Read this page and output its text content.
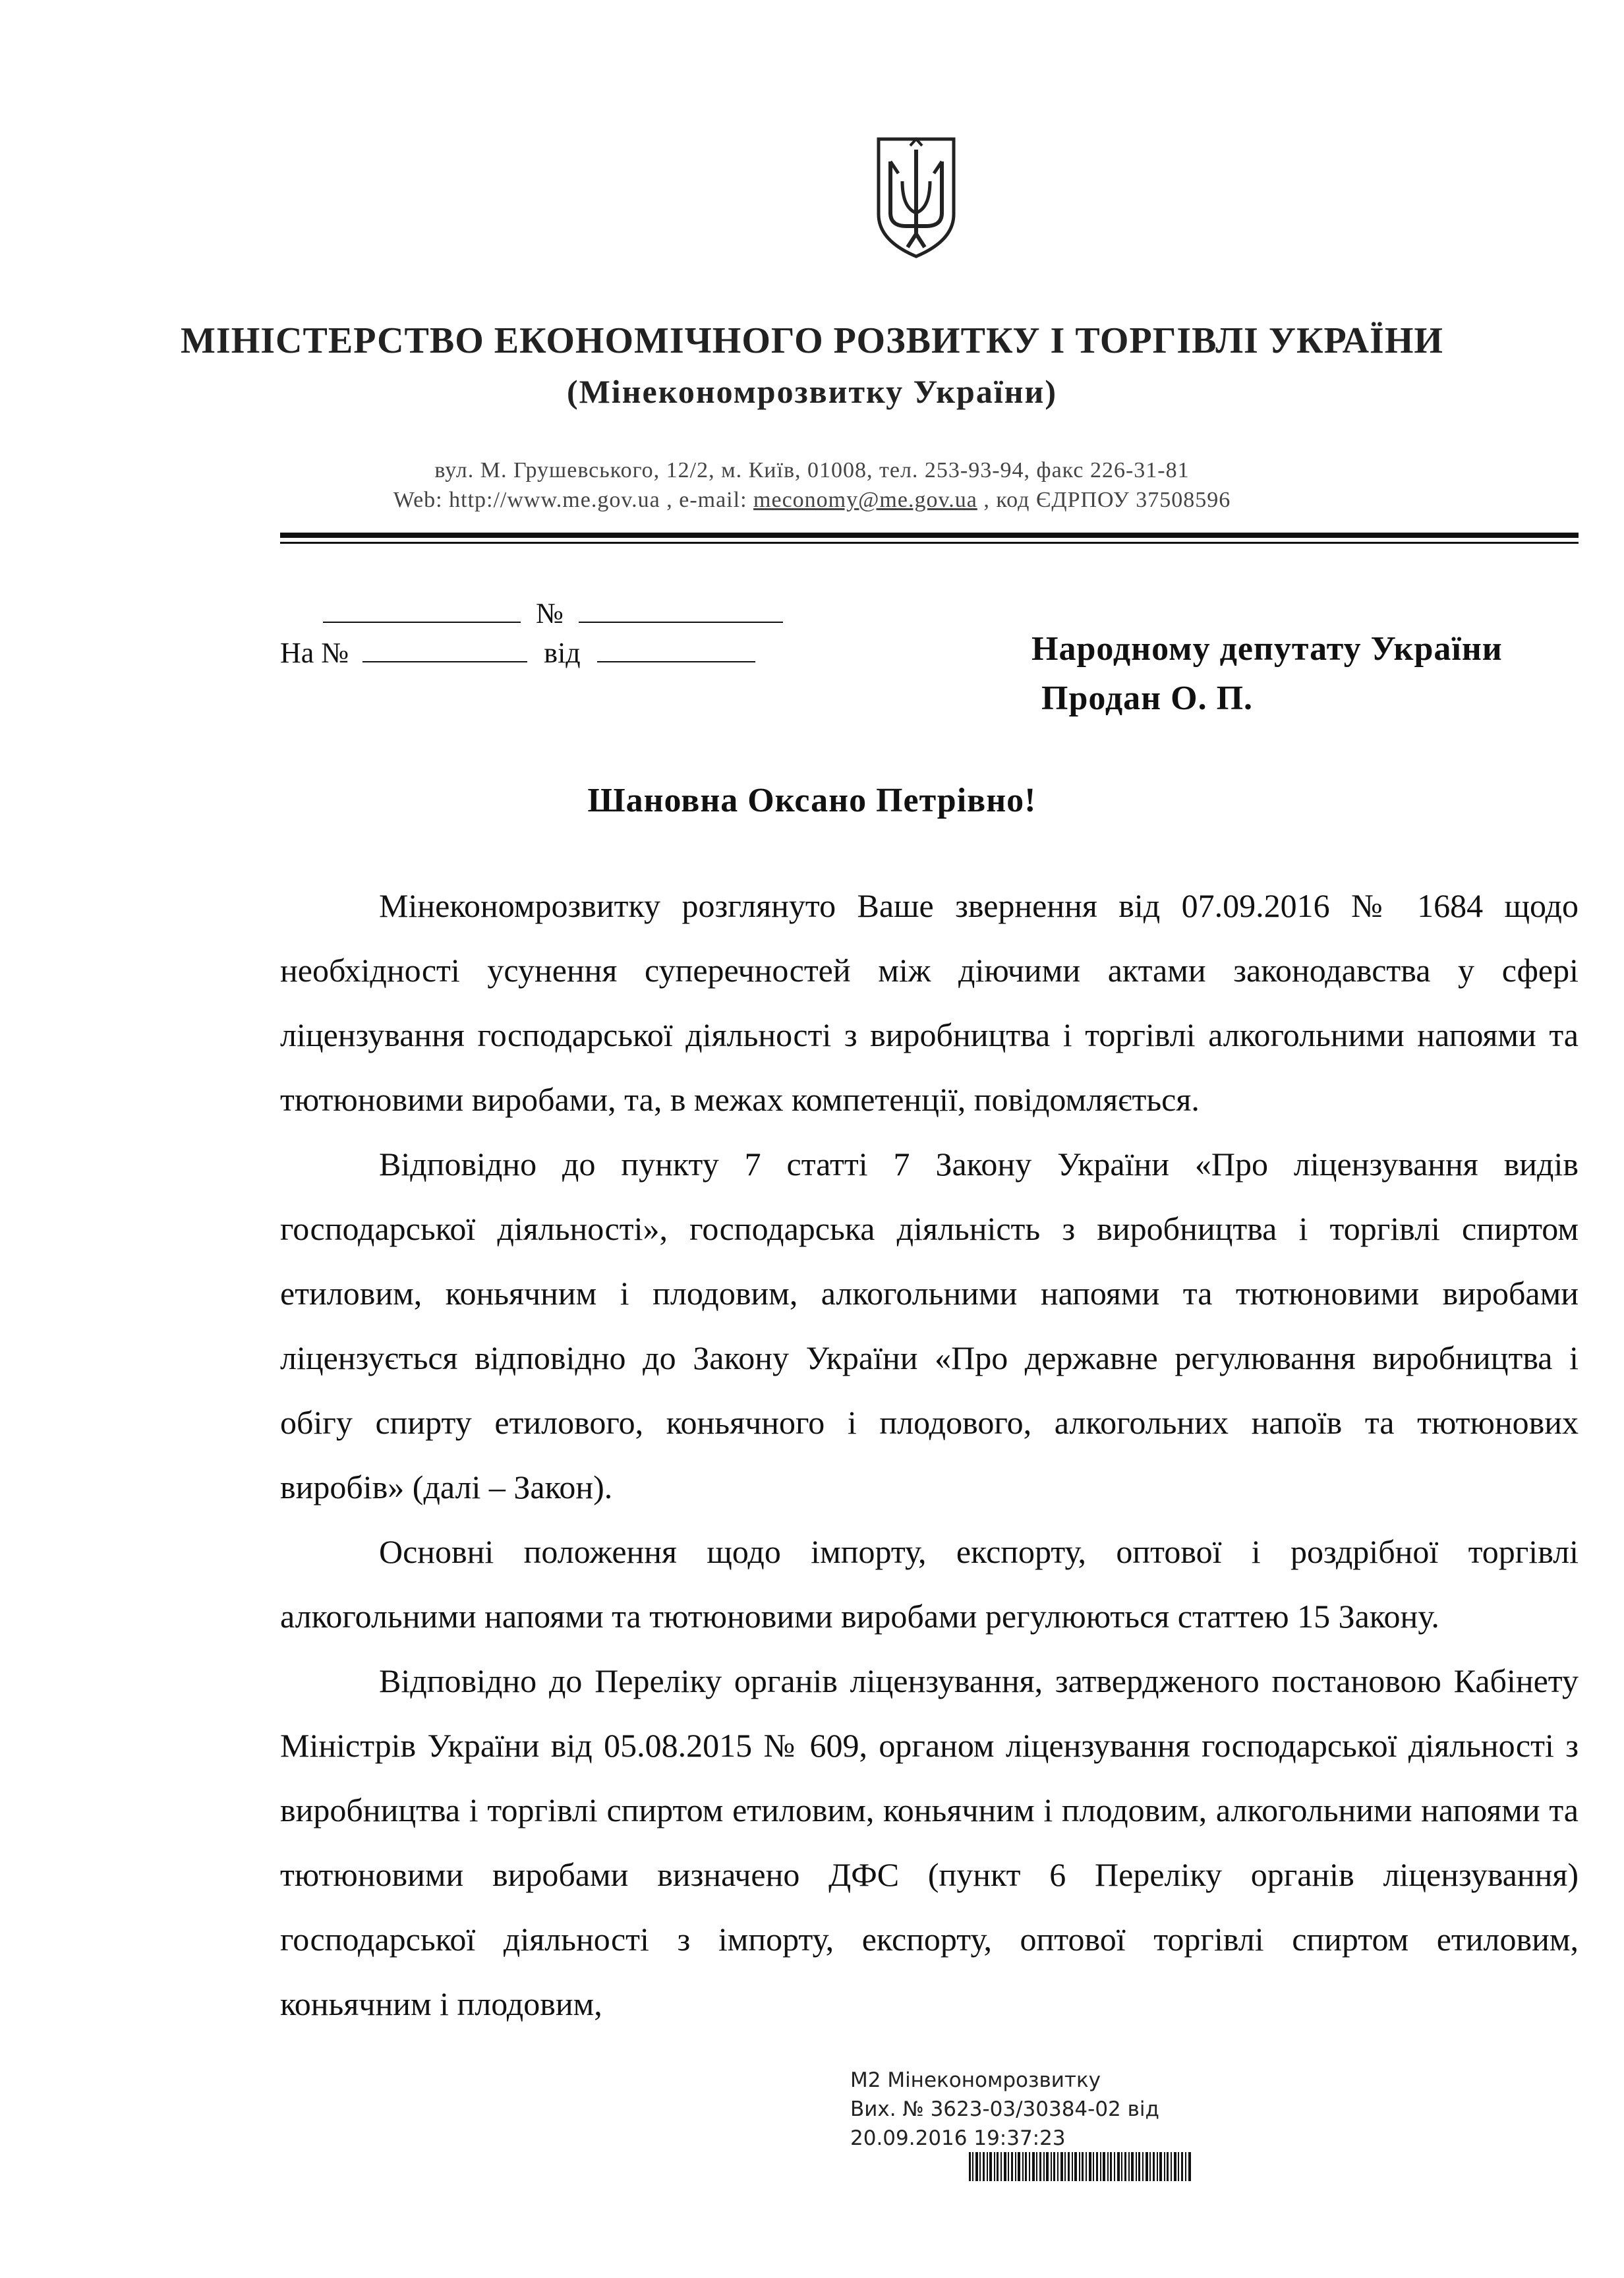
МІНІСТЕРСТВО ЕКОНОМІЧНОГО РОЗВИТКУ І ТОРГІВЛІ УКРАЇНИ
(Мінекономрозвитку України)
вул. М. Грушевського, 12/2, м. Київ, 01008, тел. 253-93-94, факс 226-31-81
Web: http://www.me.gov.ua , e-mail: meconomy@me.gov.ua , код ЄДРПОУ 37508596
№
На №	від	Народному депутату України
Продан О. П.
Шановна Оксано Петрівно!

Мінекономрозвитку розглянуто Ваше звернення від 07.09.2016 № 1684 щодо необхідності усунення суперечностей між діючими актами законодавства у сфері ліцензування господарської діяльності з виробництва і торгівлі алкогольними напоями та тютюновими виробами, та, в межах компетенції, повідомляється.

Відповідно до пункту 7 статті 7 Закону України «Про ліцензування видів господарської діяльності», господарська діяльність з виробництва і торгівлі спиртом етиловим, коньячним і плодовим, алкогольними напоями та тютюновими виробами ліцензується відповідно до Закону України «Про державне регулювання виробництва і обігу спирту етилового, коньячного і плодового, алкогольних напоїв та тютюнових виробів» (далі – Закон).

Основні положення щодо імпорту, експорту, оптової і роздрібної торгівлі алкогольними напоями та тютюновими виробами регулюються статтею 15 Закону.

Відповідно до Переліку органів ліцензування, затвердженого постановою Кабінету Міністрів України від 05.08.2015 № 609, органом ліцензування господарської діяльності з виробництва і торгівлі спиртом етиловим, коньячним і плодовим, алкогольними напоями та тютюновими виробами визначено ДФС (пункт 6 Переліку органів ліцензування) господарської діяльності з імпорту, експорту, оптової торгівлі спиртом етиловим, коньячним і плодовим,

М2 Мінекономрозвитку
Вих. № 3623-03/30384-02 від
20.09.2016 19:37:23
